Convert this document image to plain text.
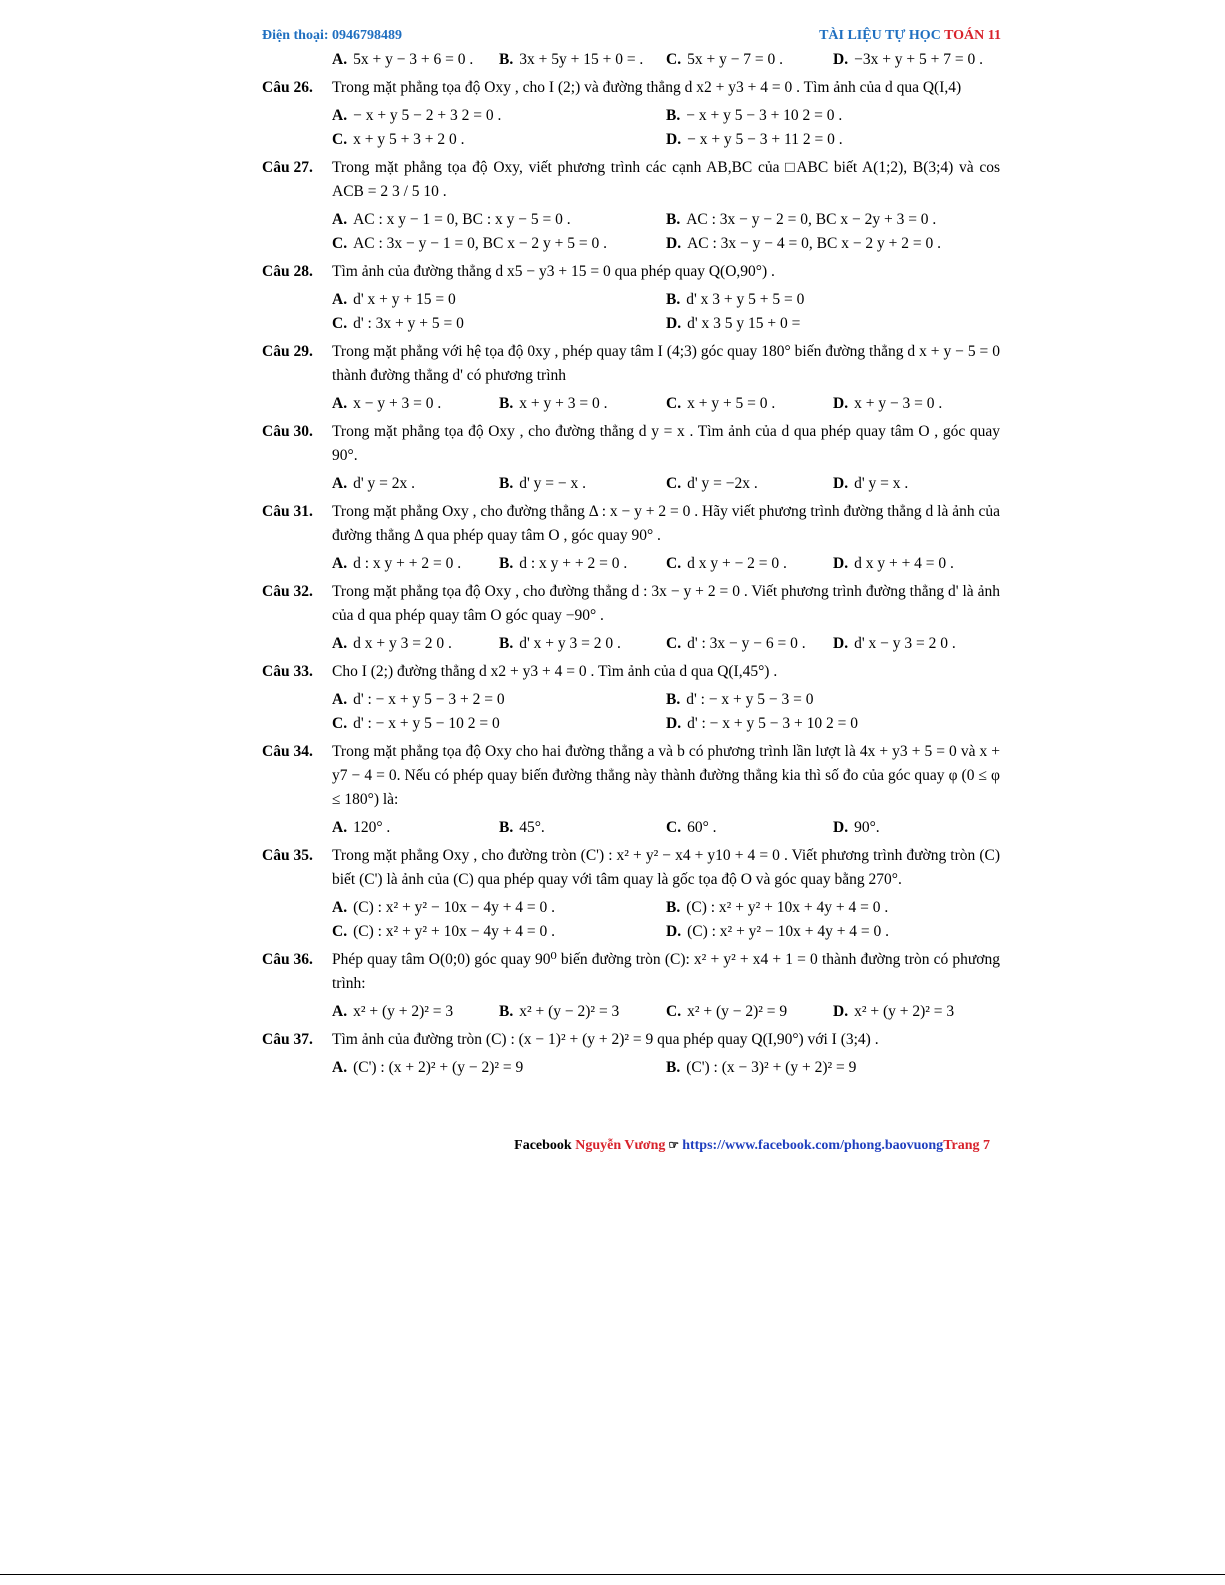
Điện thoại: 0946798489	TÀI LIỆU TỰ HỌC TOÁN 11
A. 5x + y − 3 + 6 = 0 .	B. 3x + 5y + 15 + 0 = .	C. 5x + y − 7 = 0 .	D. −3x + y + 5 + 7 = 0 .
Câu 26. Trong mặt phẳng tọa độ Oxy , cho I (2;) và đường thẳng d x2 + y3 + 4 = 0 . Tìm ảnh của d qua Q(I,4)
A. − x + y 5 − 2 + 3 2 = 0 .	B. − x + y 5 − 3 + 10 2 = 0 .
C. x + y 5 + 3 + 2 0 .	D. − x + y 5 − 3 + 11 2 = 0 .
Câu 27. Trong mặt phẳng tọa độ Oxy, viết phương trình các cạnh AB,BC của □ABC biết A(1;2), B(3;4) và cos ACB = 2 3 / 5 10 .
A. AC : x y − 1 = 0, BC : x y − 5 = 0 .	B. AC : 3x − y − 2 = 0, BC x − 2y + 3 = 0 .
C. AC : 3x − y − 1 = 0, BC x − 2 y + 5 = 0 .	D. AC : 3x − y − 4 = 0, BC x − 2 y + 2 = 0 .
Câu 28. Tìm ảnh của đường thẳng d x5 − y3 + 15 = 0 qua phép quay Q(O,90°) .
A. d' x + y + 15 = 0	B. d' x 3 + y 5 + 5 = 0
C. d' : 3x + y + 5 = 0	D. d' x 3 5 y 15 + 0 =
Câu 29. Trong mặt phẳng với hệ tọa độ 0xy , phép quay tâm I (4;3) góc quay 180° biến đường thẳng d x + y − 5 = 0 thành đường thẳng d' có phương trình
A. x − y + 3 = 0 .	B. x + y + 3 = 0 .	C. x + y + 5 = 0 .	D. x + y − 3 = 0 .
Câu 30. Trong mặt phẳng tọa độ Oxy , cho đường thẳng d y = x . Tìm ảnh của d qua phép quay tâm O , góc quay 90°.
A. d' y = 2x .	B. d' y = − x .	C. d' y = −2x .	D. d' y = x .
Câu 31. Trong mặt phẳng Oxy , cho đường thẳng Δ : x − y + 2 = 0 . Hãy viết phương trình đường thẳng d là ảnh của đường thẳng Δ qua phép quay tâm O , góc quay 90° .
A. d : x y + + 2 = 0 .	B. d : x y + + 2 = 0 .	C. d x y + − 2 = 0 .	D. d x y + + 4 = 0 .
Câu 32. Trong mặt phẳng tọa độ Oxy , cho đường thẳng d : 3x − y + 2 = 0 . Viết phương trình đường thẳng d' là ảnh của d qua phép quay tâm O góc quay −90° .
A. d x + y 3 = 2 0 .	B. d' x + y 3 = 2 0 .	C. d' : 3x − y − 6 = 0 .	D. d' x − y 3 = 2 0 .
Câu 33. Cho I (2;) đường thẳng d x2 + y3 + 4 = 0 . Tìm ảnh của d qua Q(I,45°) .
A. d' : − x + y 5 − 3 + 2 = 0	B. d' : − x + y 5 − 3 = 0
C. d' : − x + y 5 − 10 2 = 0	D. d' : − x + y 5 − 3 + 10 2 = 0
Câu 34. Trong mặt phẳng tọa độ Oxy cho hai đường thẳng a và b có phương trình lần lượt là 4x + y3 + 5 = 0 và x + y7 − 4 = 0. Nếu có phép quay biến đường thẳng này thành đường thẳng kia thì số đo của góc quay φ (0 ≤ φ ≤ 180°) là:
A. 120° .	B. 45°.	C. 60° .	D. 90°.
Câu 35. Trong mặt phẳng Oxy , cho đường tròn (C') : x² + y² − x4 + y10 + 4 = 0 . Viết phương trình đường tròn (C) biết (C') là ảnh của (C) qua phép quay với tâm quay là gốc tọa độ O và góc quay bằng 270°.
A. (C) : x² + y² − 10x − 4y + 4 = 0 .	B. (C) : x² + y² + 10x + 4y + 4 = 0 .
C. (C) : x² + y² + 10x − 4y + 4 = 0 .	D. (C) : x² + y² − 10x + 4y + 4 = 0 .
Câu 36. Phép quay tâm O(0;0) góc quay 90⁰ biến đường tròn (C): x² + y² + x4 + 1 = 0 thành đường tròn có phương trình:
A. x² + (y + 2)² = 3	B. x² + (y − 2)² = 3	C. x² + (y − 2)² = 9	D. x² + (y + 2)² = 3
Câu 37. Tìm ảnh của đường tròn (C) : (x − 1)² + (y + 2)² = 9 qua phép quay Q(I,90°) với I (3;4) .
A. (C') : (x + 2)² + (y − 2)² = 9	B. (C') : (x − 3)² + (y + 2)² = 9
Facebook Nguyễn Vương ☞ https://www.facebook.com/phong.baovuongTrang 7
